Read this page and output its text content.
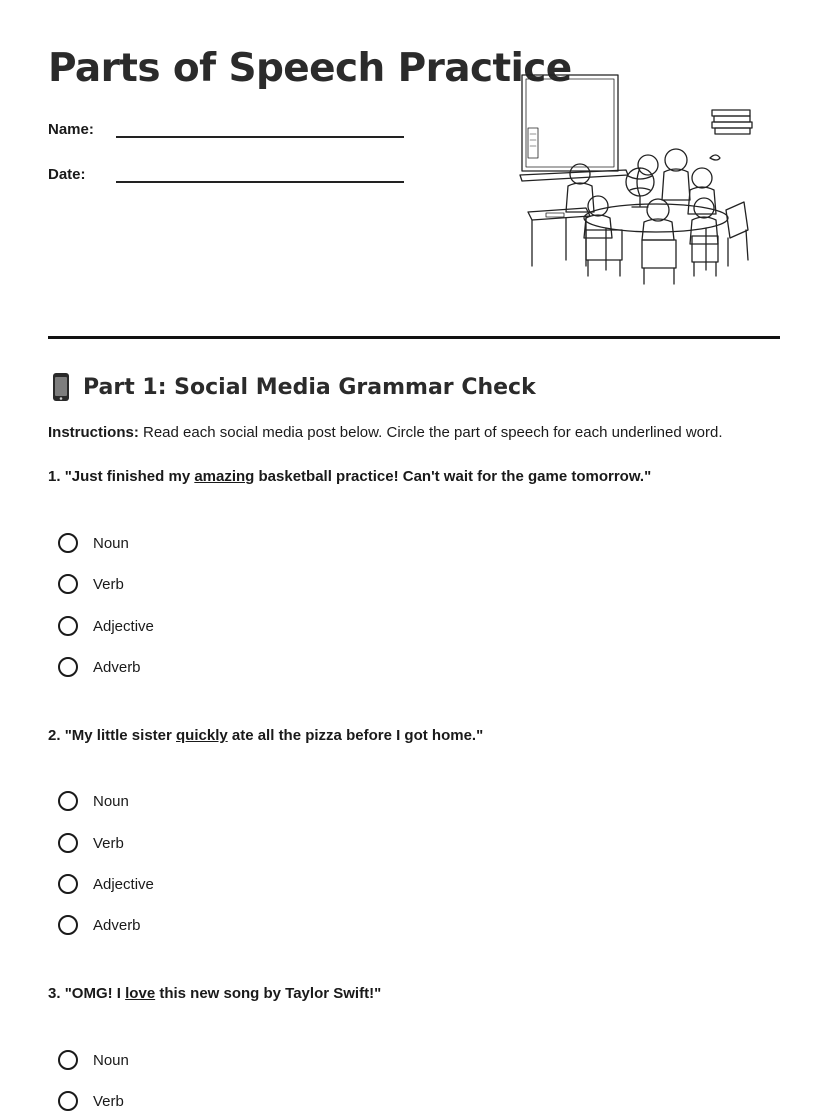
Parts of Speech Practice
Name:
Date:
Part 1: Social Media Grammar Check
Instructions: Read each social media post below. Circle the part of speech for each underlined word.
1. "Just finished my amazing basketball practice! Can't wait for the game tomorrow."
Noun
Verb
Adjective
Adverb
2. "My little sister quickly ate all the pizza before I got home."
Noun
Verb
Adjective
Adverb
3. "OMG! I love this new song by Taylor Swift!"
Noun
Verb
